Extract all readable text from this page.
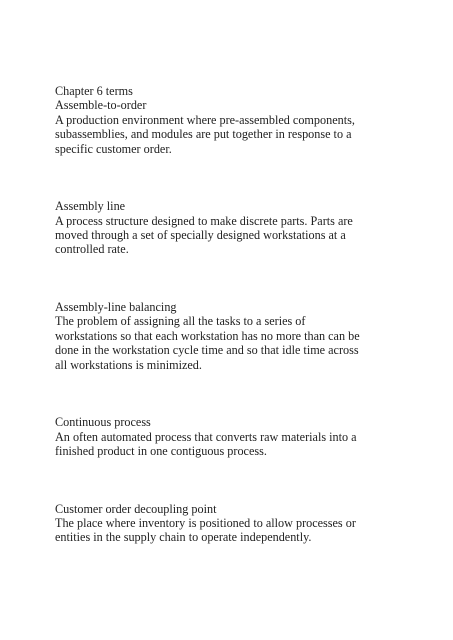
Chapter 6 terms
Assemble-to-order
A production environment where pre-assembled components,
subassemblies, and modules are put together in response to a
specific customer order.
Assembly line
A process structure designed to make discrete parts. Parts are
moved through a set of specially designed workstations at a
controlled rate.
Assembly-line balancing
The problem of assigning all the tasks to a series of
workstations so that each workstation has no more than can be
done in the workstation cycle time and so that idle time across
all workstations is minimized.
Continuous process
An often automated process that converts raw materials into a
finished product in one contiguous process.
Customer order decoupling point
The place where inventory is positioned to allow processes or
entities in the supply chain to operate independently.
